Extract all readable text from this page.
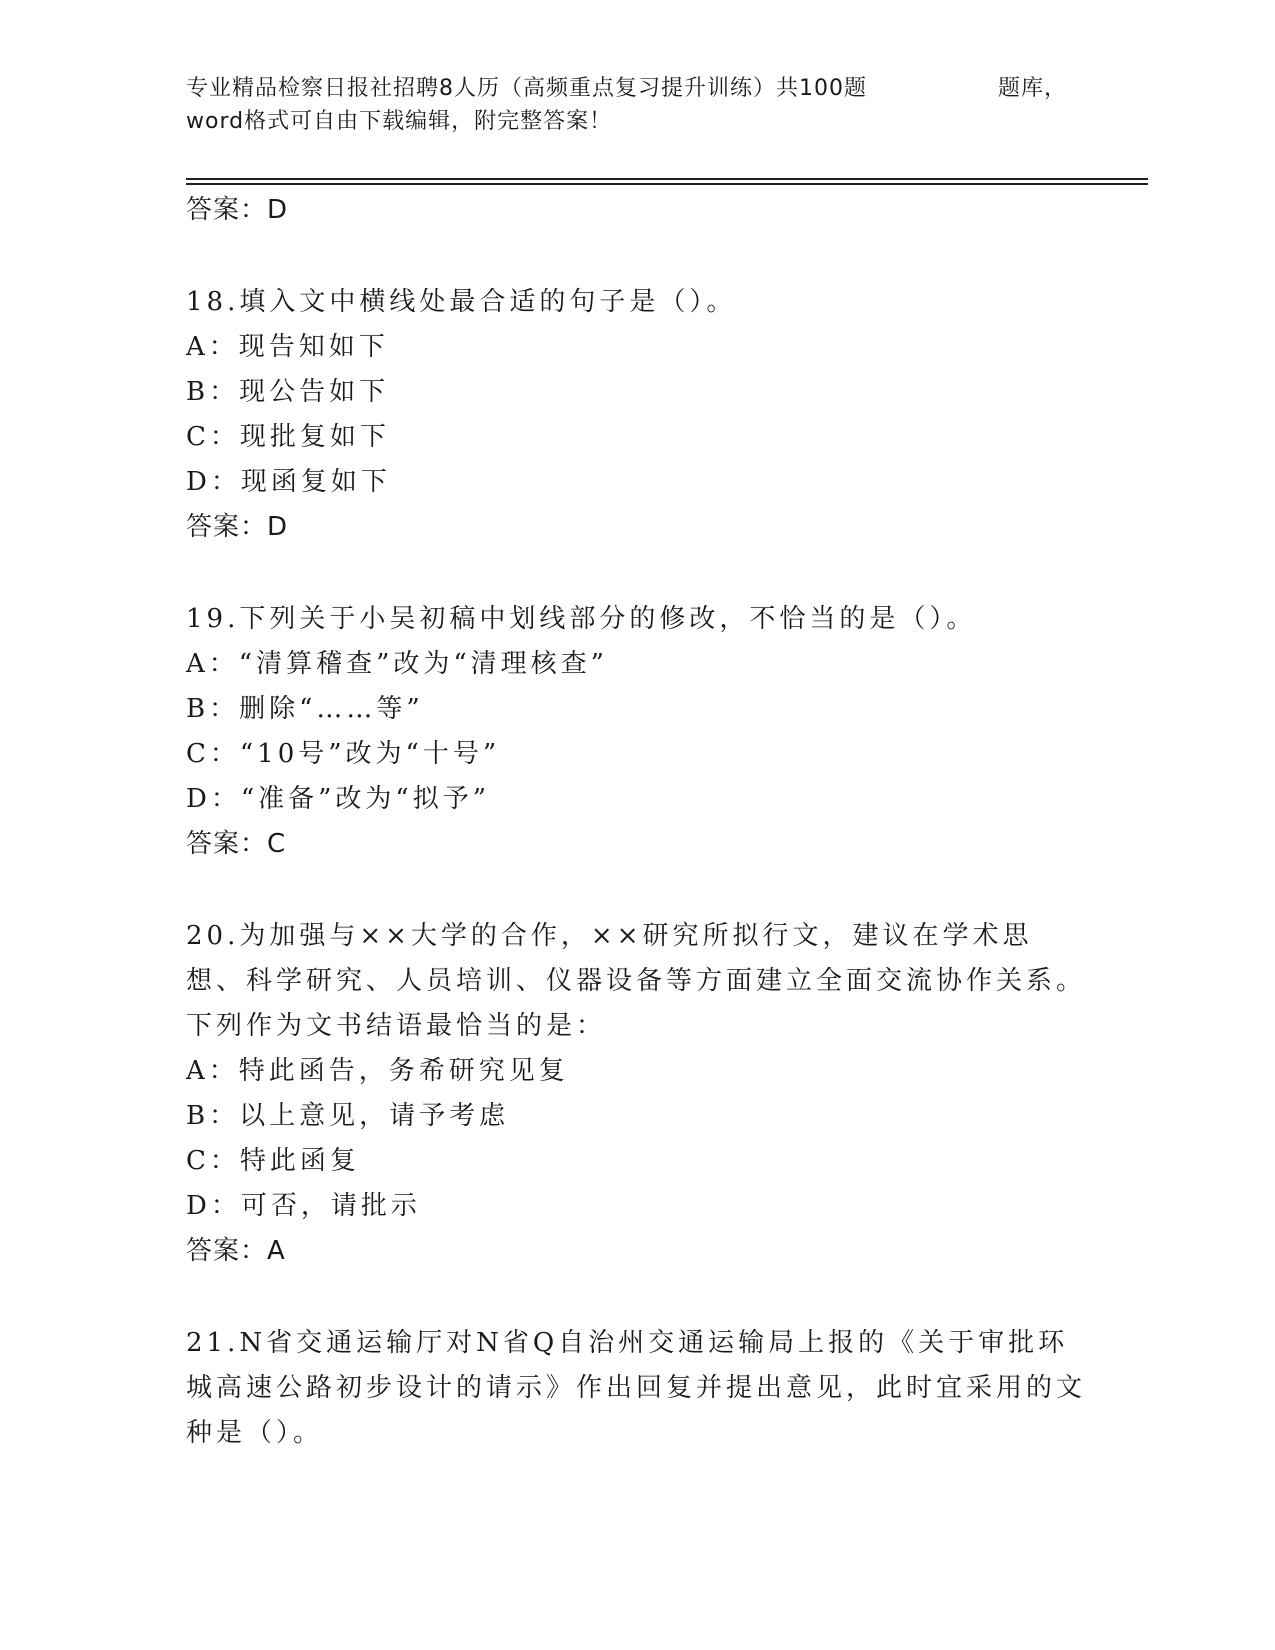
专业精品检察日报社招聘8人历（高频重点复习提升训练）共100题	题库，
word格式可自由下载编辑，附完整答案！
答案：D
18.填入文中横线处最合适的句子是（）。
A：现告知如下
B：现公告如下
C：现批复如下
D：现函复如下
答案：D
19.下列关于小吴初稿中划线部分的修改，不恰当的是（）。
A：“清算稽查”改为“清理核查”
B：删除“……等”
C：“10号”改为“十号”
D：“准备”改为“拟予”
答案：C
20.为加强与××大学的合作，××研究所拟行文，建议在学术思想、科学研究、人员培训、仪器设备等方面建立全面交流协作关系。下列作为文书结语最恰当的是：
A：特此函告，务希研究见复
B：以上意见，请予考虑
C：特此函复
D：可否，请批示
答案：A
21.N省交通运输厅对N省Q自治州交通运输局上报的《关于审批环城高速公路初步设计的请示》作出回复并提出意见，此时宜采用的文种是（）。
